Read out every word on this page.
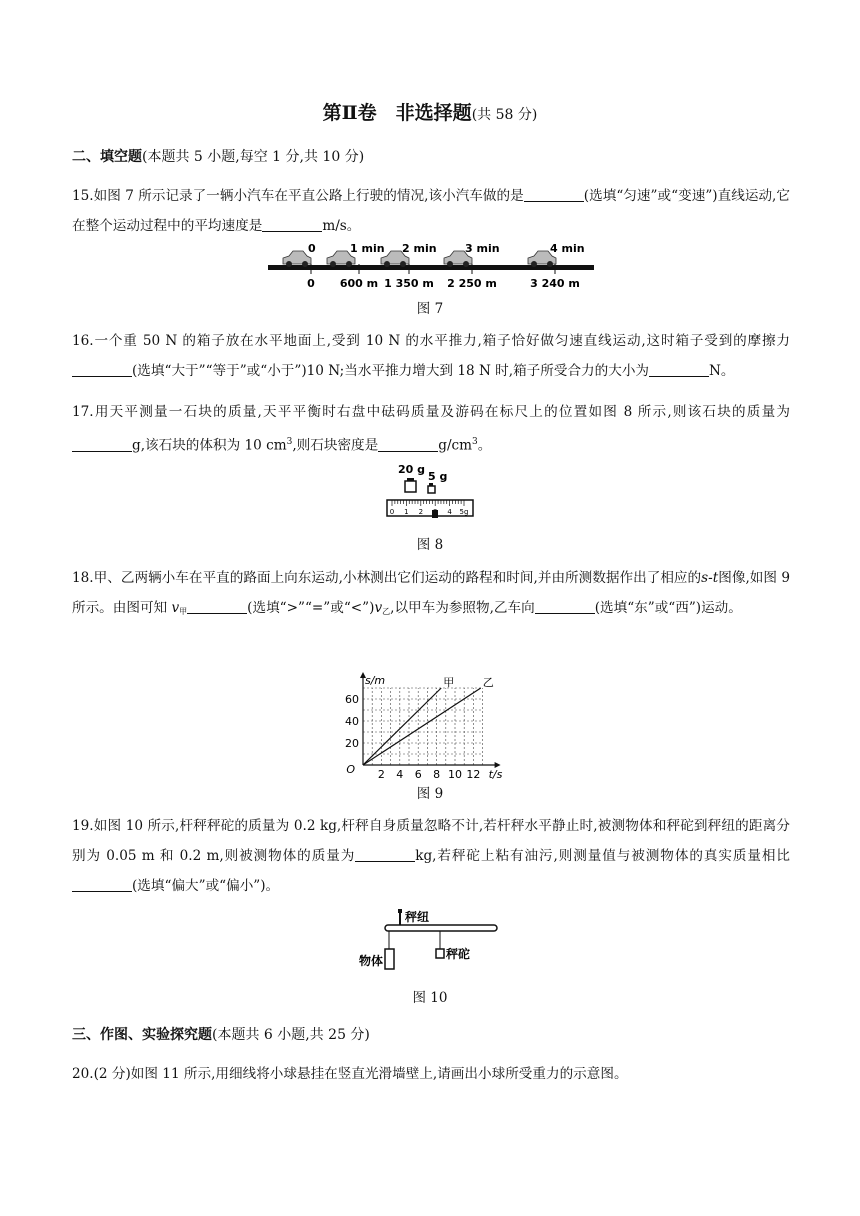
第Ⅱ卷　非选择题(共 58 分)
二、填空题(本题共 5 小题,每空 1 分,共 10 分)
15.如图 7 所示记录了一辆小汽车在平直公路上行驶的情况,该小汽车做的是	(选填“匀速”或“变速”)直线运动,它在整个运动过程中的平均速度是	m/s。
0
0
1 min
600 m
2 min
1 350 m
3 min
2 250 m
4 min
3 240 m
图 7
16.一个重 50 N 的箱子放在水平地面上,受到 10 N 的水平推力,箱子恰好做匀速直线运动,这时箱子受到的摩擦力(选填“大于”“等于”或“小于”)10 N;当水平推力增大到 18 N 时,箱子所受合力的大小为	N。
17.用天平测量一石块的质量,天平平衡时右盘中砝码质量及游码在标尺上的位置如图 8 所示,则该石块的质量为g,该石块的体积为 10 $cm^3$,则石块密度是	$g/cm^3$。
20 g
5 g
0 1 2	4 5g
图 8
18.甲、乙两辆小车在平直的路面上向东运动,小林测出它们运动的路程和时间,并由所测数据作出了相应的s-t图像,如图 9 所示。由图可知 $v_甲$	(选填“>”“=”或“$<”)v_乙$,以甲车为参照物,乙车向	(选填“东”或“西”)运动。
2 4 6 8 10 12
20
40
60
O	t/s
s/m	甲	乙
图 9
19.如图 10 所示,杆秤秤砣的质量为 0.2 kg,杆秤自身质量忽略不计,若杆秤水平静止时,被测物体和秤砣到秤纽的距离分别为 0.05 m 和 0.2 m,则被测物体的质量为	kg,若秤砣上粘有油污,则测量值与被测物体的真实质量相比(选填“偏大”或“偏小”)。
物体
秤纽
秤砣
图 10
三、作图、实验探究题(本题共 6 小题,共 25 分)
20.(2 分)如图 11 所示,用细线将小球悬挂在竖直光滑墙壁上,请画出小球所受重力的示意图。
